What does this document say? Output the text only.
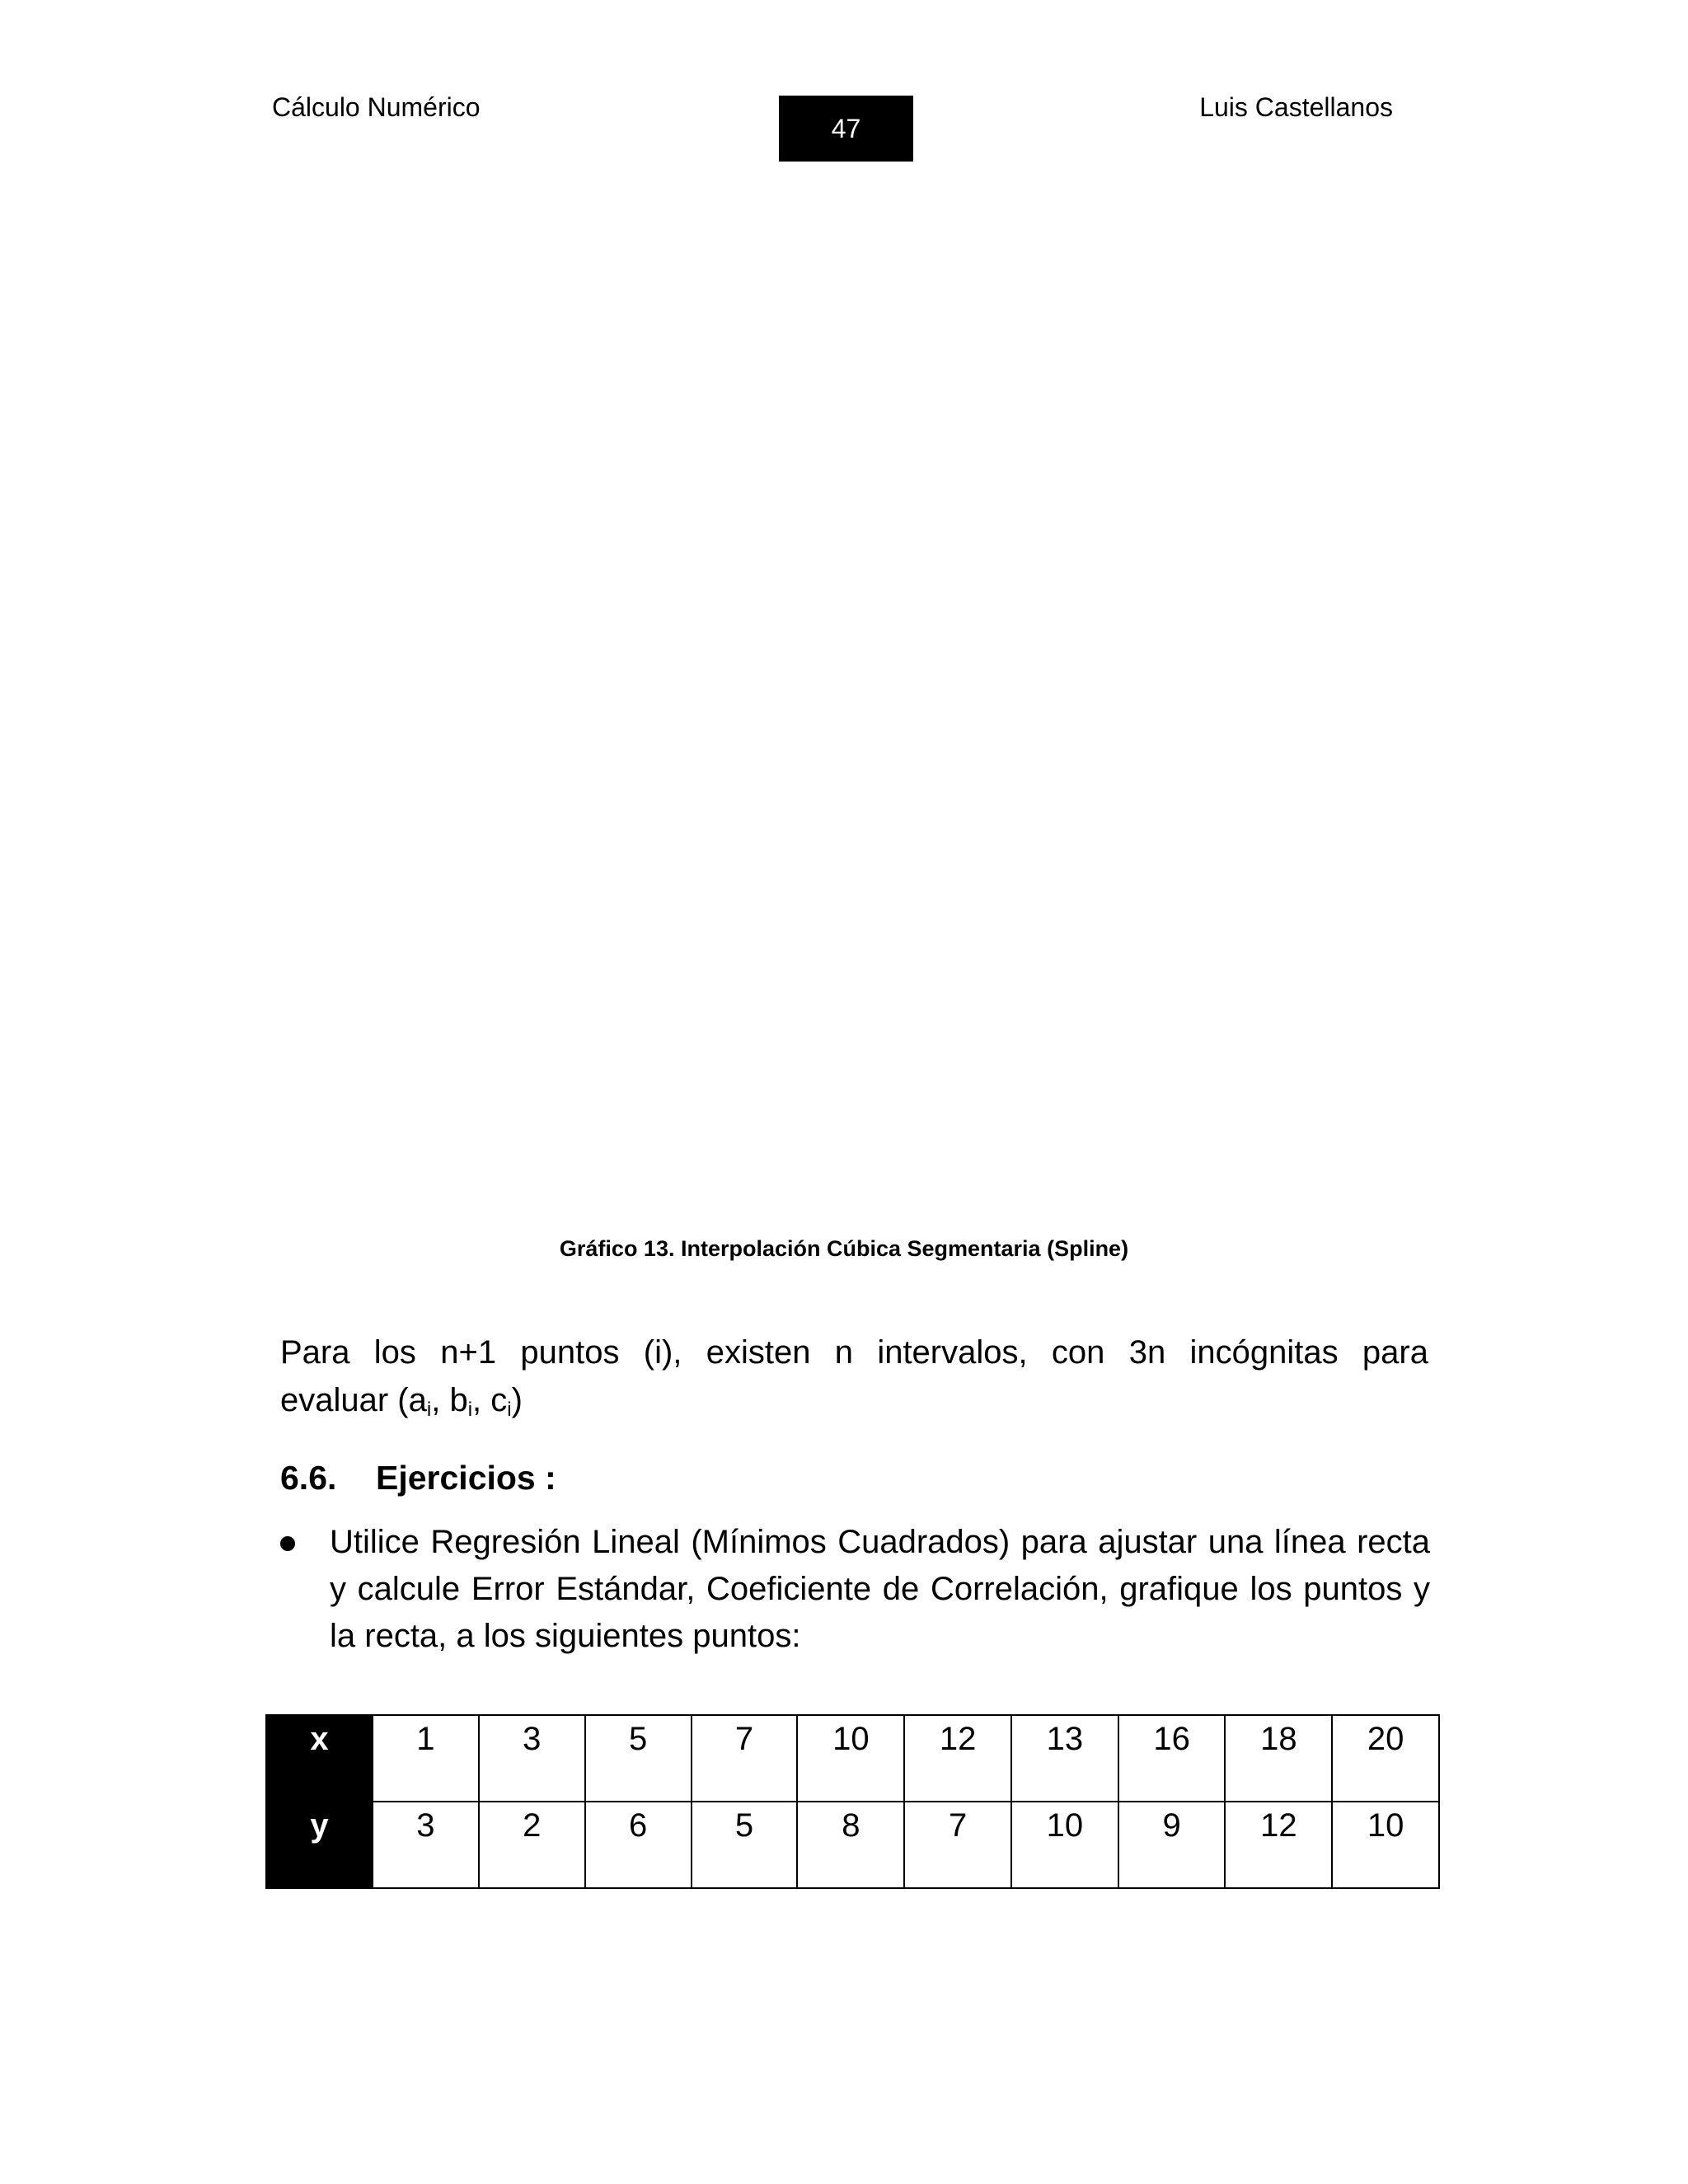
Cálculo Numérico
47
Luis Castellanos
Gráfico 13. Interpolación Cúbica Segmentaria (Spline)
Para los n+1 puntos (i), existen n intervalos, con 3n incógnitas para
evaluar ($a_i$, $b_i$, $c_i$)
6.6. Ejercicios :
Utilice Regresión Lineal (Mínimos Cuadrados) para ajustar una línea recta y calcule Error Estándar, Coeficiente de Correlación, grafique los puntos y la recta, a los siguientes puntos:
x	1	3	5	7	10	12	13	16	18	20
y	3	2	6	5	8	7	10	9	12	10
